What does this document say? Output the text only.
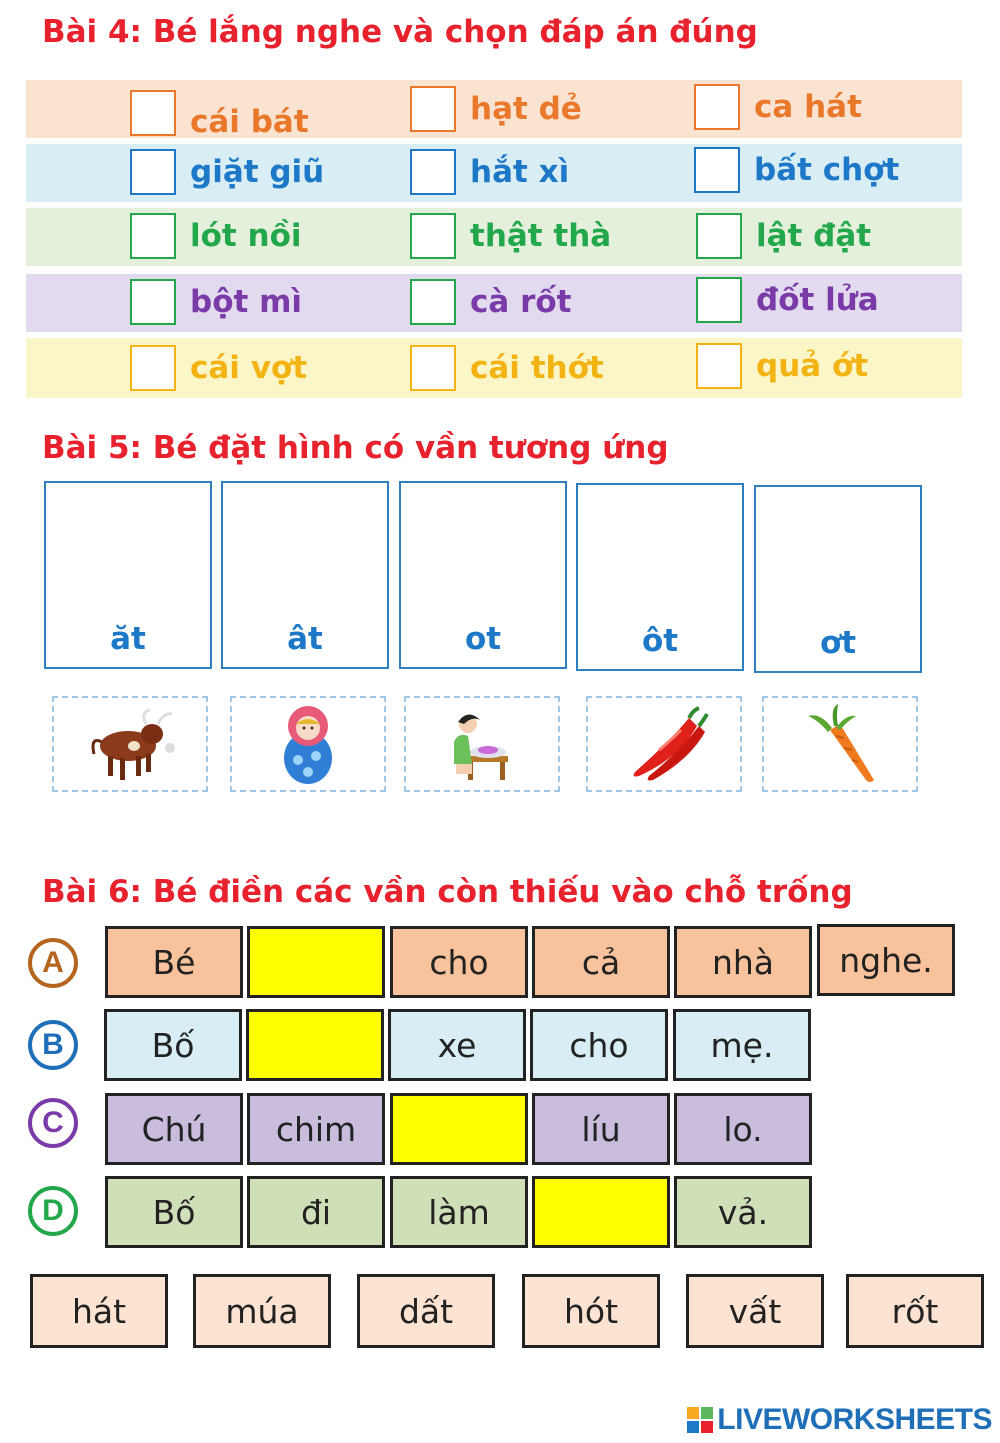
Bài 4: Bé lắng nghe và chọn đáp án đúng
cái bát	hạt dẻ	ca hát
giặt giũ	hắt xì	bất chợt
lót nồi	thật thà	lật đật
bột mì	cà rốt	đốt lửa
cái vợt	cái thớt	quả ớt
Bài 5: Bé đặt hình có vần tương ứng
ăt	ât	ot	ôt	ơt
Bài 6: Bé điền các vần còn thiếu vào chỗ trống
A	Bé	cho	cả	nhà	nghe.
B	Bố	xe	cho	mẹ.
C	Chú	chim	líu	lo.
D	Bố	đi	làm	vả.
hát	múa	dất	hót	vất	rốt
LIVEWORKSHEETS
